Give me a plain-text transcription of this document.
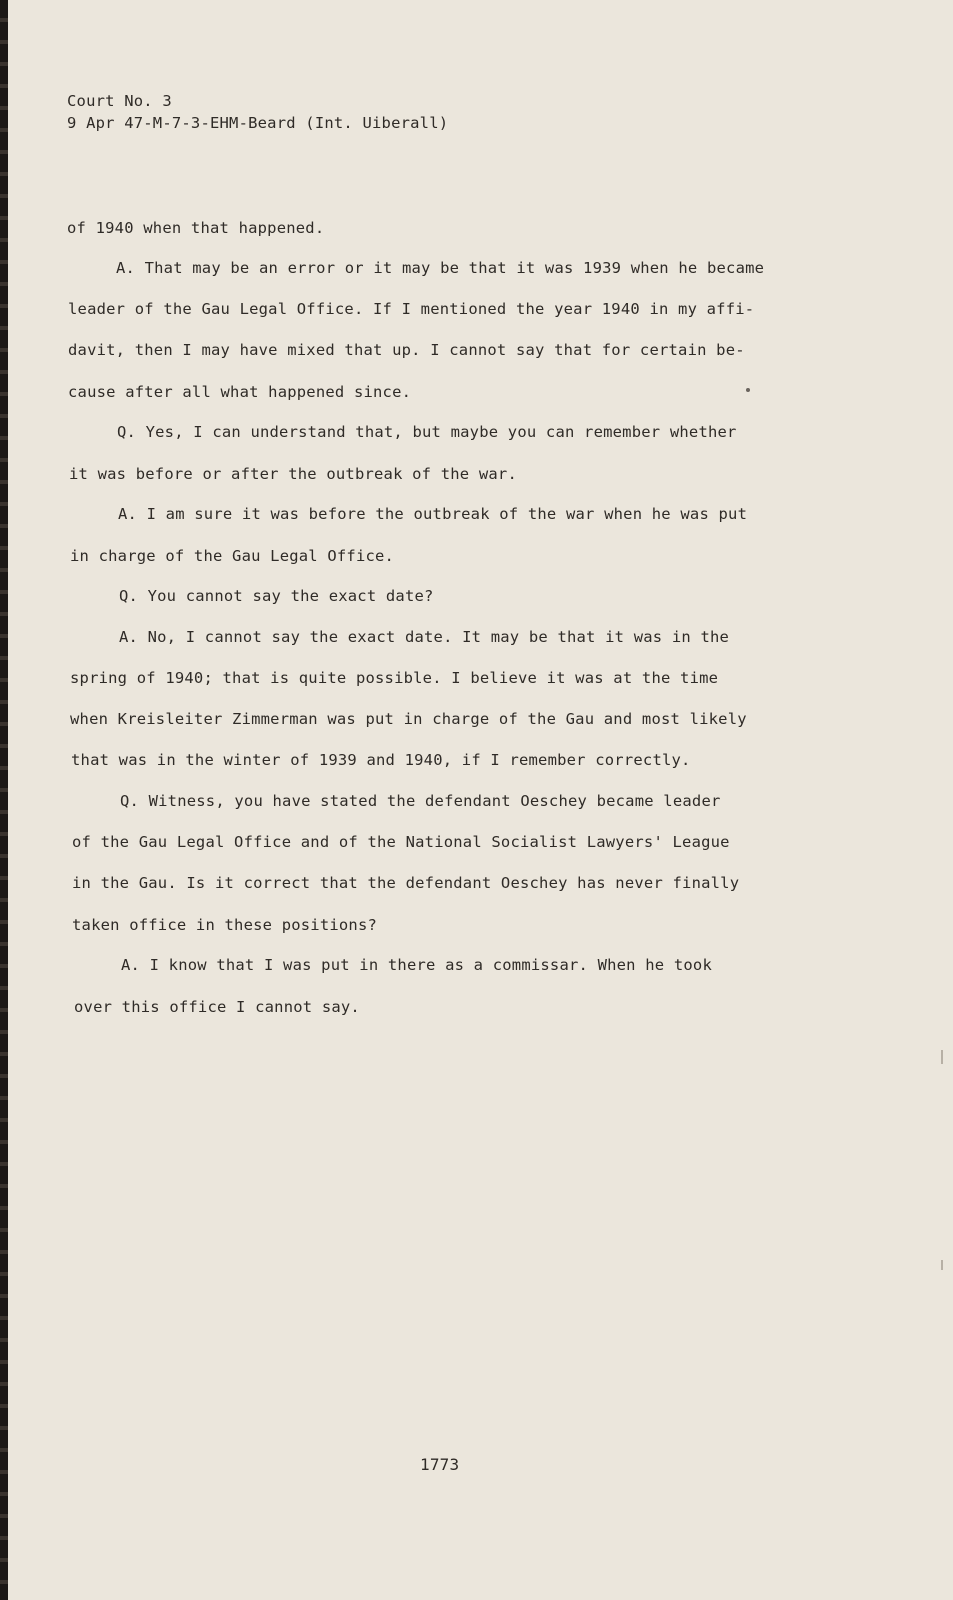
Court No. 3
9 Apr 47-M-7-3-EHM-Beard (Int. Uiberall)
of 1940 when that happened.
A. That may be an error or it may be that it was 1939 when he became
leader of the Gau Legal Office. If I mentioned the year 1940 in my affi-
davit, then I may have mixed that up. I cannot say that for certain be-
cause after all what happened since.
Q. Yes, I can understand that, but maybe you can remember whether
it was before or after the outbreak of the war.
A. I am sure it was before the outbreak of the war when he was put
in charge of the Gau Legal Office.
Q. You cannot say the exact date?
A. No, I cannot say the exact date. It may be that it was in the
spring of 1940; that is quite possible. I believe it was at the time
when Kreisleiter Zimmerman was put in charge of the Gau and most likely
that was in the winter of 1939 and 1940, if I remember correctly.
Q. Witness, you have stated the defendant Oeschey became leader
of the Gau Legal Office and of the National Socialist Lawyers' League
in the Gau. Is it correct that the defendant Oeschey has never finally
taken office in these positions?
A. I know that I was put in there as a commissar. When he took
over this office I cannot say.
1773
